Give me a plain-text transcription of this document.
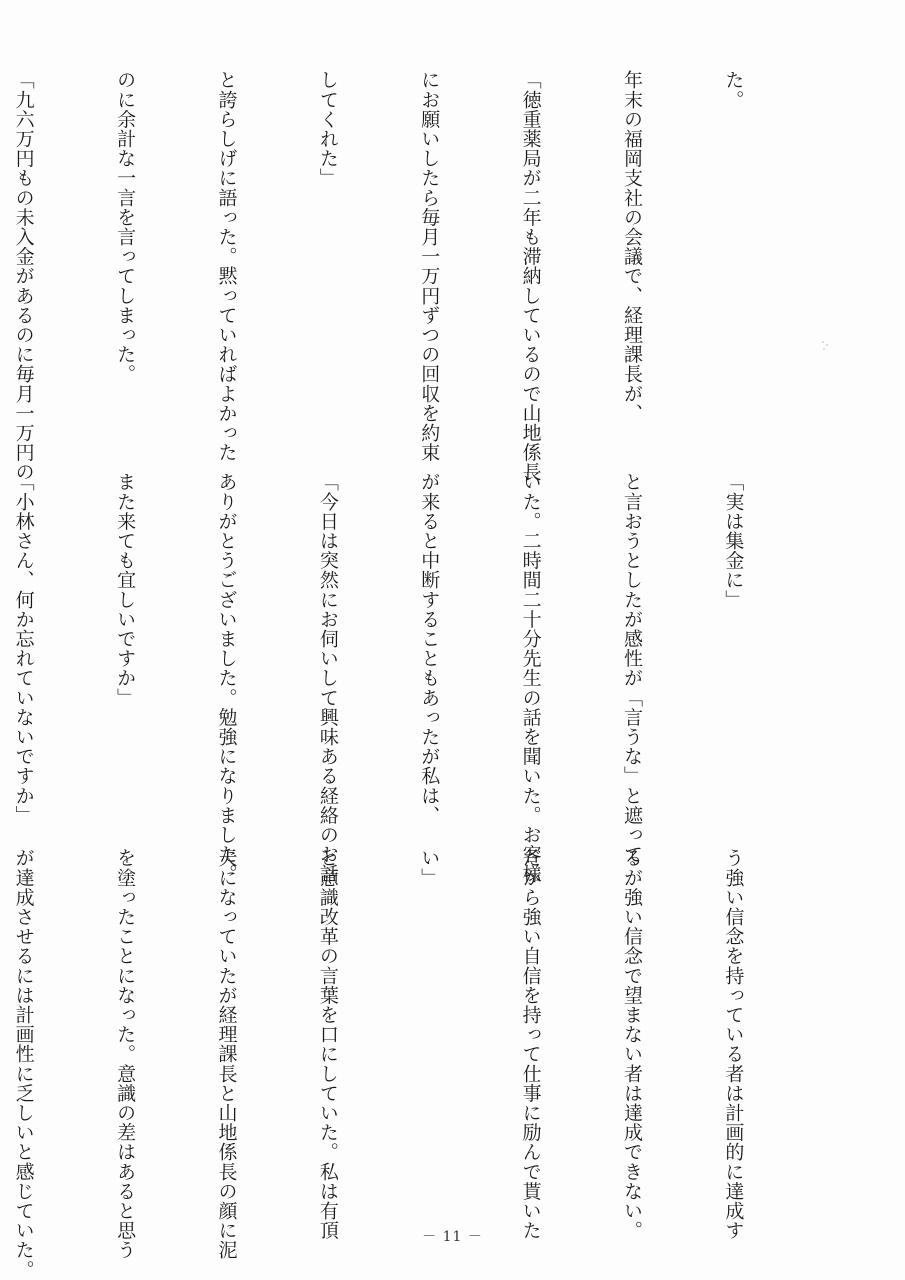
た。

年末の福岡支社の会議で、経理課長が、

「徳重薬局が二年も滞納しているので山地係長

にお願いしたら毎月一万円ずつの回収を約束

してくれた」

と誇らしげに語った。黙っていればよかった

のに余計な一言を言ってしまった。

「九六万円もの未入金があるのに毎月一万円の

「実は集金に」

と言おうとしたが感性が「言うな」と遮って

いた。二時間二十分先生の話を聞いた。お客様

が来ると中断することもあったが私は、

「今日は突然にお伺いして興味ある経絡のお話

ありがとうございました。勉強になりました。

また来ても宜しいですか」

「小林さん、何か忘れていないですか」

う強い信念を持っている者は計画的に達成す

るが強い信念で望まない者は達成できない。

だから強い自信を持って仕事に励んで貰いた

い」

と意識改革の言葉を口にしていた。私は有頂

天になっていたが経理課長と山地係長の顔に泥

を塗ったことになった。意識の差はあると思う

が達成させるには計画性に乏しいと感じていた。

	－ 11 －
